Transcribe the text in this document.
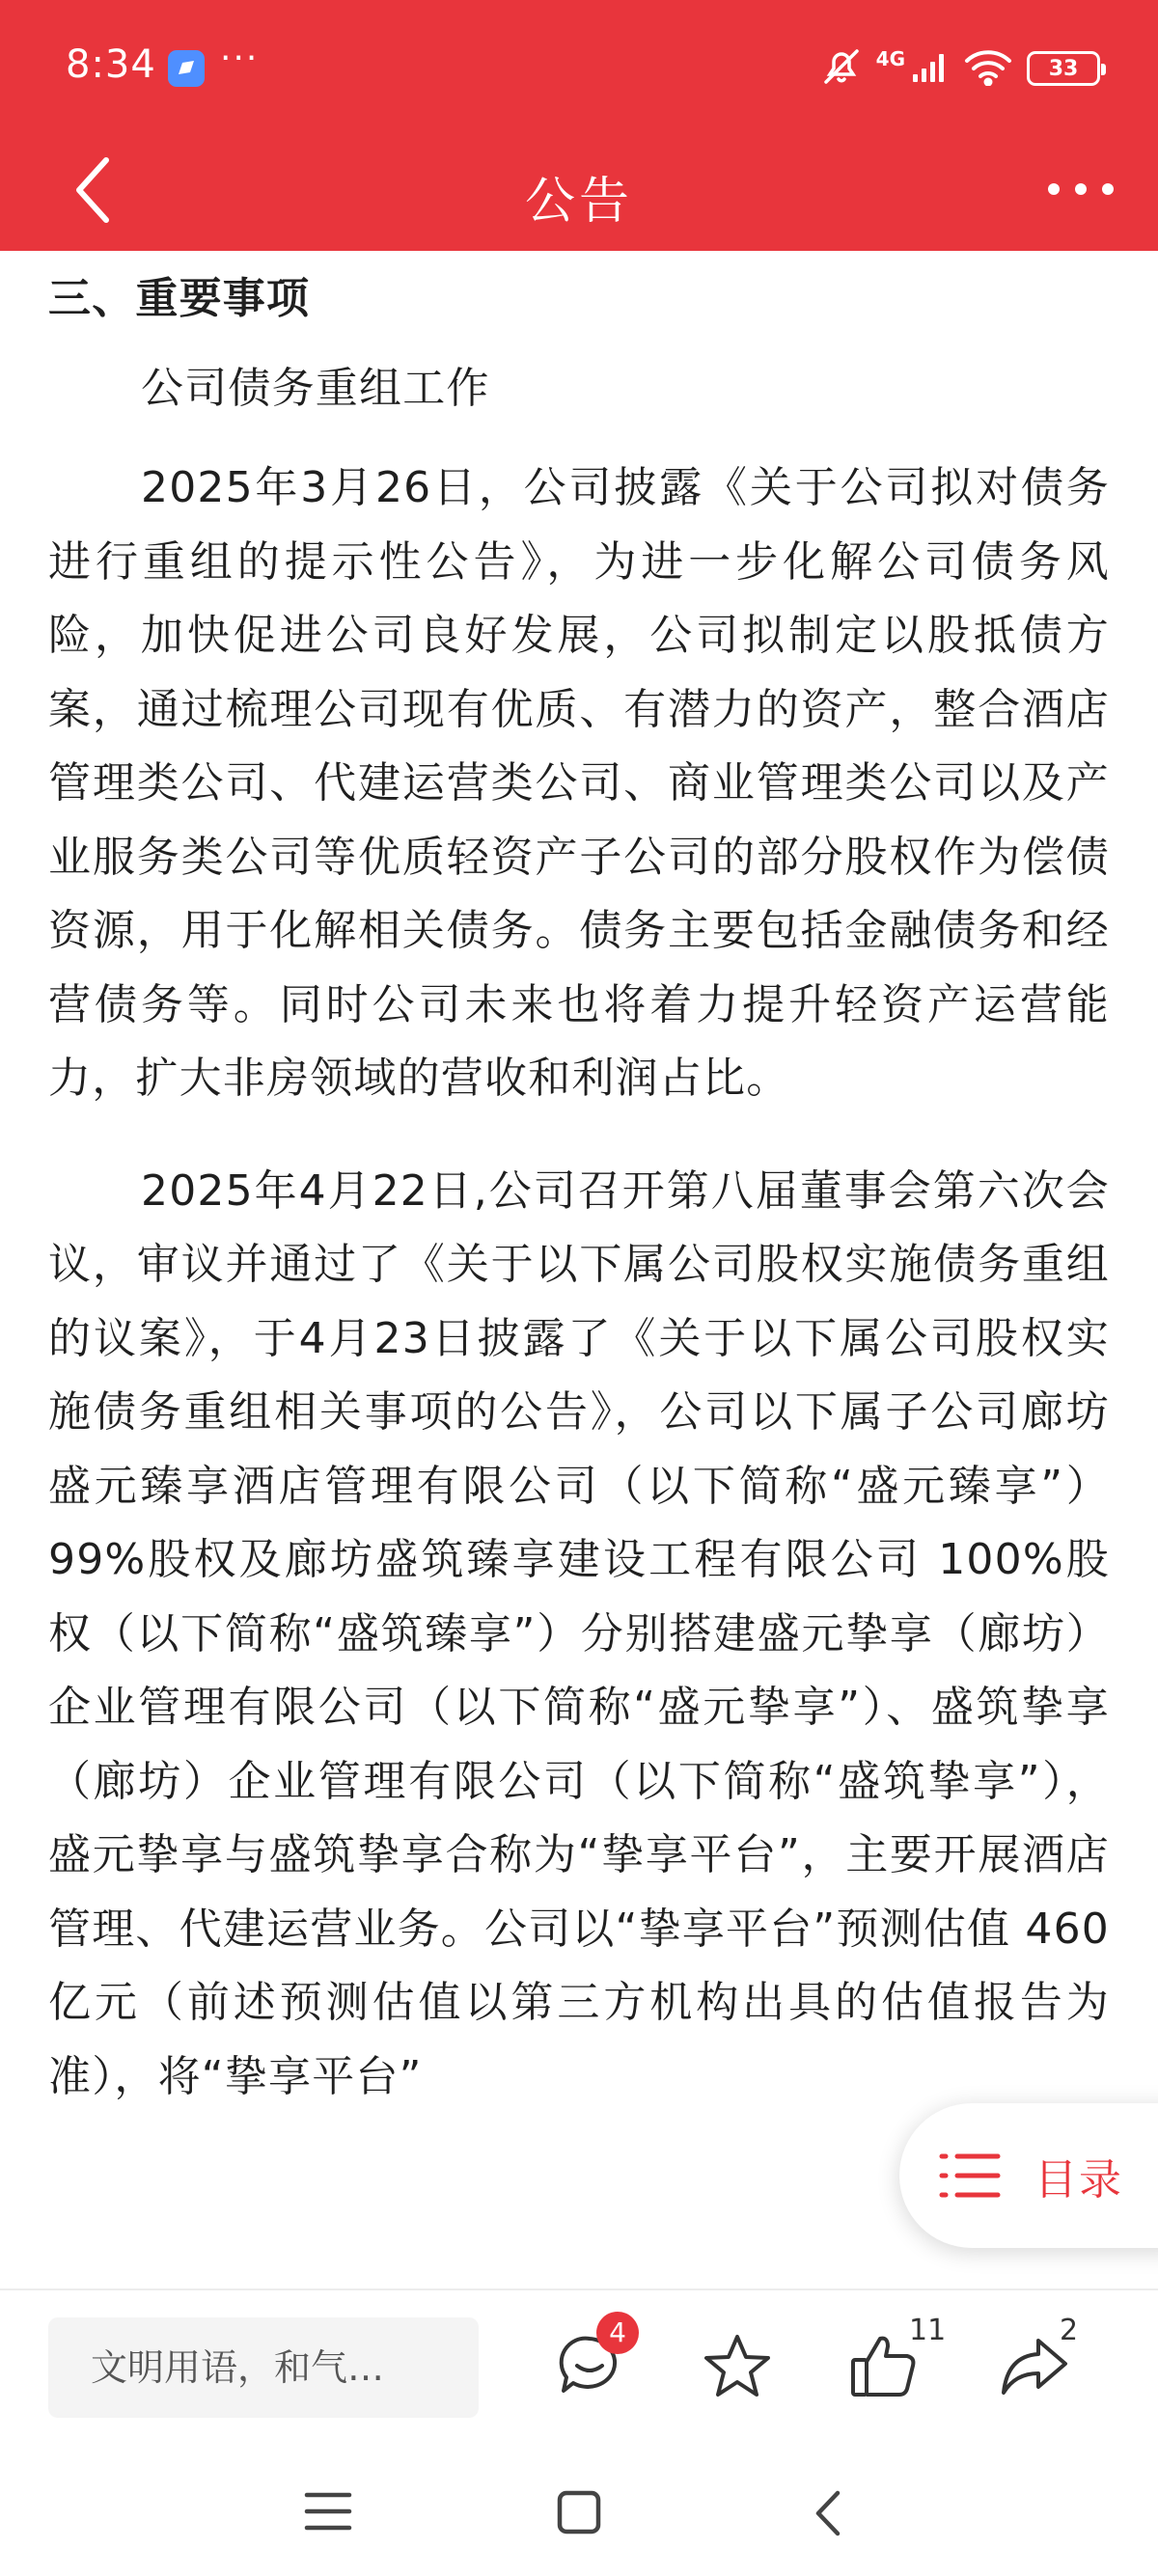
8:34 ···	4G	33
公告
三、重要事项
公司债务重组工作

2025年3月26日，公司披露《关于公司拟对债务进行重组的提示性公告》，为进一步化解公司债务风险，加快促进公司良好发展，公司拟制定以股抵债方案，通过梳理公司现有优质、有潜力的资产，整合酒店管理类公司、代建运营类公司、商业管理类公司以及产业服务类公司等优质轻资产子公司的部分股权作为偿债资源，用于化解相关债务。债务主要包括金融债务和经营债务等。同时公司未来也将着力提升轻资产运营能力，扩大非房领域的营收和利润占比。

2025年4月22日,公司召开第八届董事会第六次会议，审议并通过了《关于以下属公司股权实施债务重组的议案》，于4月23日披露了《关于以下属公司股权实施债务重组相关事项的公告》，公司以下属子公司廊坊盛元臻享酒店管理有限公司（以下简称“盛元臻享”）99%股权及廊坊盛筑臻享建设工程有限公司 100%股权（以下简称“盛筑臻享”）分别搭建盛元挚享（廊坊）企业管理有限公司（以下简称“盛元挚享”）、盛筑挚享（廊坊）企业管理有限公司（以下简称“盛筑挚享”），盛元挚享与盛筑挚享合称为“挚享平台”，主要开展酒店管理、代建运营业务。公司以“挚享平台”预测估值 460亿元（前述预测估值以第三方机构出具的估值报告为准），将“挚享平台”

目录
文明用语，和气…
4	11	2
